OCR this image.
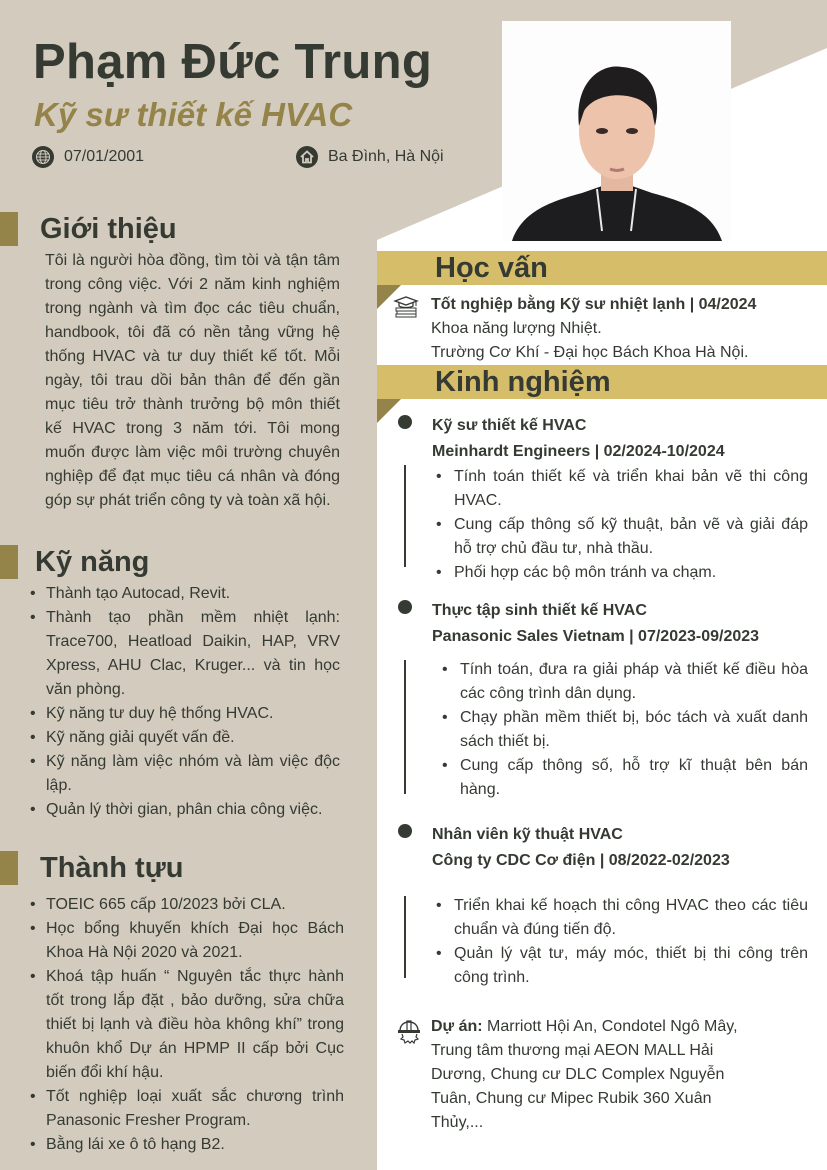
Phạm Đức Trung
Kỹ sư thiết kế HVAC
07/01/2001	Ba Đình, Hà Nội
Giới thiệu
Tôi là người hòa đồng, tìm tòi và tận tâm trong công việc. Với 2 năm kinh nghiệm trong ngành và tìm đọc các tiêu chuẩn, handbook, tôi đã có nền tảng vững hệ thống HVAC và tư duy thiết kế tốt. Mỗi ngày, tôi trau dồi bản thân để đến gần mục tiêu trở thành trưởng bộ môn thiết kế HVAC trong 3 năm tới. Tôi mong muốn được làm việc môi trường chuyên nghiệp để đạt mục tiêu cá nhân và đóng góp sự phát triển công ty và toàn xã hội.
Kỹ năng
• Thành tạo Autocad, Revit.
• Thành tạo phần mềm nhiệt lạnh: Trace700, Heatload Daikin, HAP, VRV Xpress, AHU Clac, Kruger... và tin học văn phòng.
• Kỹ năng tư duy hệ thống HVAC.
• Kỹ năng giải quyết vấn đề.
• Kỹ năng làm việc nhóm và làm việc độc lập.
• Quản lý thời gian, phân chia công việc.
Thành tựu
• TOEIC 665 cấp 10/2023 bởi CLA.
• Học bổng khuyến khích Đại học Bách Khoa Hà Nội 2020 và 2021.
• Khoá tập huấn “ Nguyên tắc thực hành tốt trong lắp đặt , bảo dưỡng, sửa chữa thiết bị lạnh và điều hòa không khí” trong khuôn khổ Dự án HPMP II cấp bởi Cục biến đổi khí hậu.
• Tốt nghiệp loại xuất sắc chương trình Panasonic Fresher Program.
• Bằng lái xe ô tô hạng B2.
Học vấn
Tốt nghiệp bằng Kỹ sư nhiệt lạnh | 04/2024
Khoa năng lượng Nhiệt.
Trường Cơ Khí - Đại học Bách Khoa Hà Nội.
Kinh nghiệm
Kỹ sư thiết kế HVAC
Meinhardt Engineers | 02/2024-10/2024
• Tính toán thiết kế và triển khai bản vẽ thi công HVAC.
• Cung cấp thông số kỹ thuật, bản vẽ và giải đáp hỗ trợ chủ đầu tư, nhà thầu.
• Phối hợp các bộ môn tránh va chạm.
Thực tập sinh thiết kế HVAC
Panasonic Sales Vietnam | 07/2023-09/2023
• Tính toán, đưa ra giải pháp và thiết kế điều hòa các công trình dân dụng.
• Chạy phần mềm thiết bị, bóc tách và xuất danh sách thiết bị.
• Cung cấp thông số, hỗ trợ kĩ thuật bên bán hàng.
Nhân viên kỹ thuật HVAC
Công ty CDC Cơ điện | 08/2022-02/2023
• Triển khai kế hoạch thi công HVAC theo các tiêu chuẩn và đúng tiến độ.
• Quản lý vật tư, máy móc, thiết bị thi công trên công trình.
Dự án: Marriott Hội An, Condotel Ngô Mây, Trung tâm thương mại AEON MALL Hải Dương, Chung cư DLC Complex Nguyễn Tuân, Chung cư Mipec Rubik 360 Xuân Thủy,...
